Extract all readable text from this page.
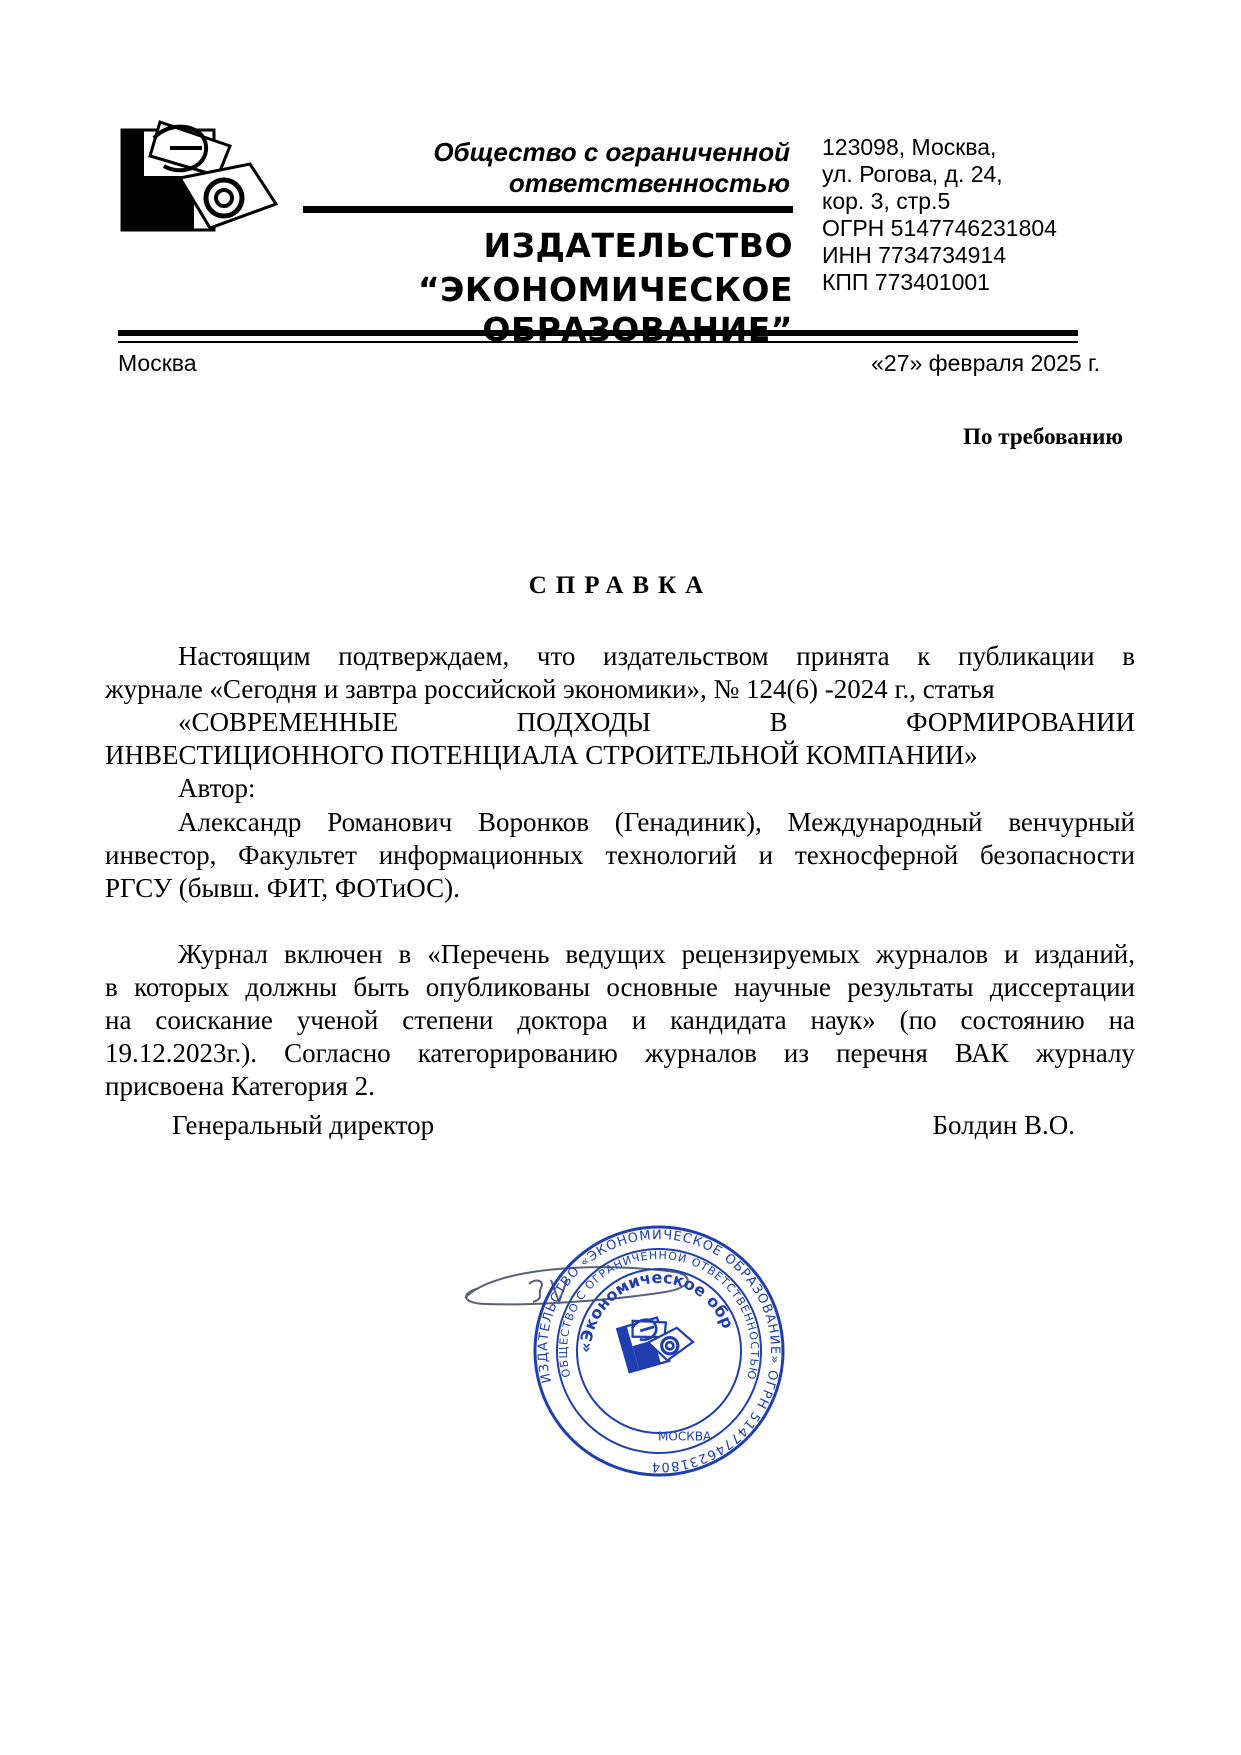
Общество с ограниченной
ответственностью
ИЗДАТЕЛЬСТВО
“ЭКОНОМИЧЕСКОЕ
123098, Москва,
ул. Рогова, д. 24,
кор. 3, стр.5
ОГРН 5147746231804
ИНН 7734734914
КПП 773401001
Москва	«27» февраля 2025 г.
По требованию
СПРАВКА
Настоящим подтверждаем, что издательством принята к публикации в
журнале «Сегодня и завтра российской экономики», № 124(6) -2024 г., статья
«СОВРЕМЕННЫЕ ПОДХОДЫ В ФОРМИРОВАНИИ
ИНВЕСТИЦИОННОГО ПОТЕНЦИАЛА СТРОИТЕЛЬНОЙ КОМПАНИИ»
Автор:
Александр Романович Воронков (Генадиник), Международный венчурный
инвестор, Факультет информационных технологий и техносферной безопасности
РГСУ (бывш. ФИТ, ФОТиОС).
Журнал включен в «Перечень ведущих рецензируемых журналов и изданий,
в которых должны быть опубликованы основные научные результаты диссертации
на соискание ученой степени доктора и кандидата наук» (по состоянию на
19.12.2023г.). Согласно категорированию журналов из перечня ВАК журналу
присвоена Категория 2.
Генеральный директор	Болдин В.О.
ИЗДАТЕЛЬСТВО «ЭКОНОМИЧЕСКОЕ ОБРАЗОВАНИЕ» ОГРН 5147746231804
ОБЩЕСТВО С ОГРАНИЧЕННОЙ ОТВЕТСТВЕННОСТЬЮ
«Экономическое образование»
МОСКВА
